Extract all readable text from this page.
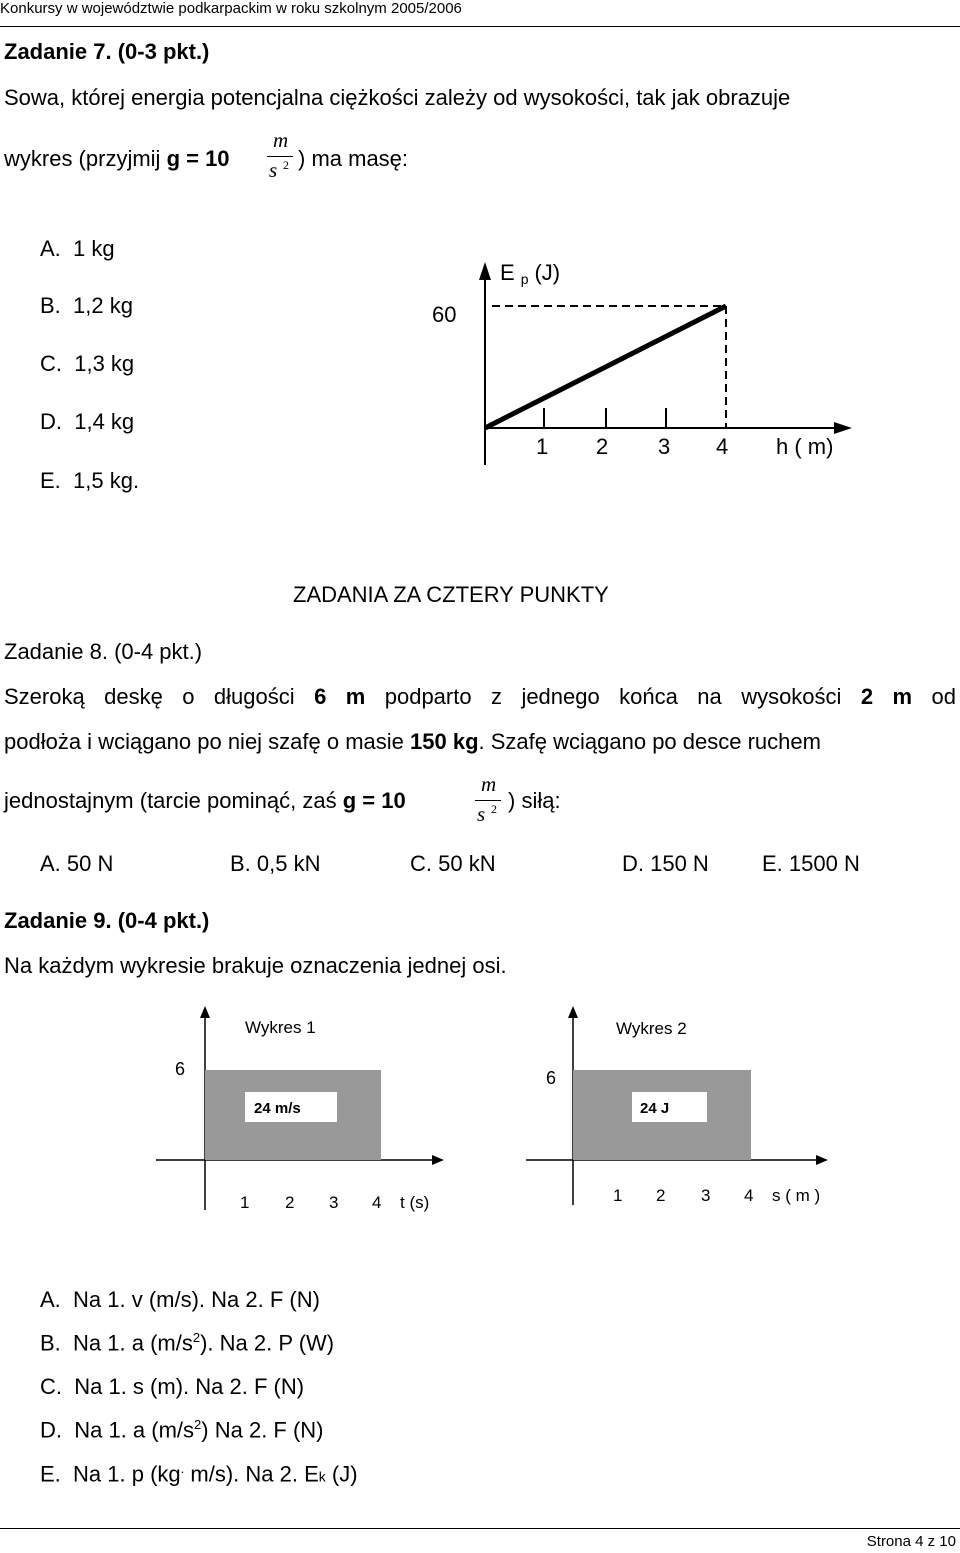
Konkursy w województwie podkarpackim w roku szkolnym 2005/2006
Zadanie 7. (0-3 pkt.)
Sowa, której energia potencjalna ciężkości zależy od wysokości, tak jak obrazuje
wykres (przyjmij g = 10
m
s 2 ) ma masę:
A. 1 kg
B. 1,2 kg
C. 1,3 kg
D. 1,4 kg
E. 1,5 kg.
60
Ep (J)
1 2 3 4 h ( m)
ZADANIA ZA CZTERY PUNKTY
Zadanie 8. (0-4 pkt.)
Szeroką deskę o długości 6 m podparto z jednego końca na wysokości 2 m od
podłoża i wciągano po niej szafę o masie 150 kg. Szafę wciągano po desce ruchem
jednostajnym (tarcie pominąć, zaś g = 10
m
s 2 ) siłą:
A. 50 N	B. 0,5 kN	C. 50 kN	D. 150 N E. 1500 N
Zadanie 9. (0-4 pkt.)
Na każdym wykresie brakuje oznaczenia jednej osi.
24 m/s
Wykres 1
6
1 2 3 4 t (s)
24 J
Wykres 2
6
1 2 3 4 s ( m )
A. Na 1. v (m/s). Na 2. F (N)
B. Na 1. a $(m/s^2)$. Na 2. P (W)
C. Na 1. s (m). Na 2. F (N)
D. Na 1. a $(m/s^2)$ Na 2. F (N)
E. Na 1. p (kg. m/s). Na 2. Ek (J)
Strona 4 z 10
